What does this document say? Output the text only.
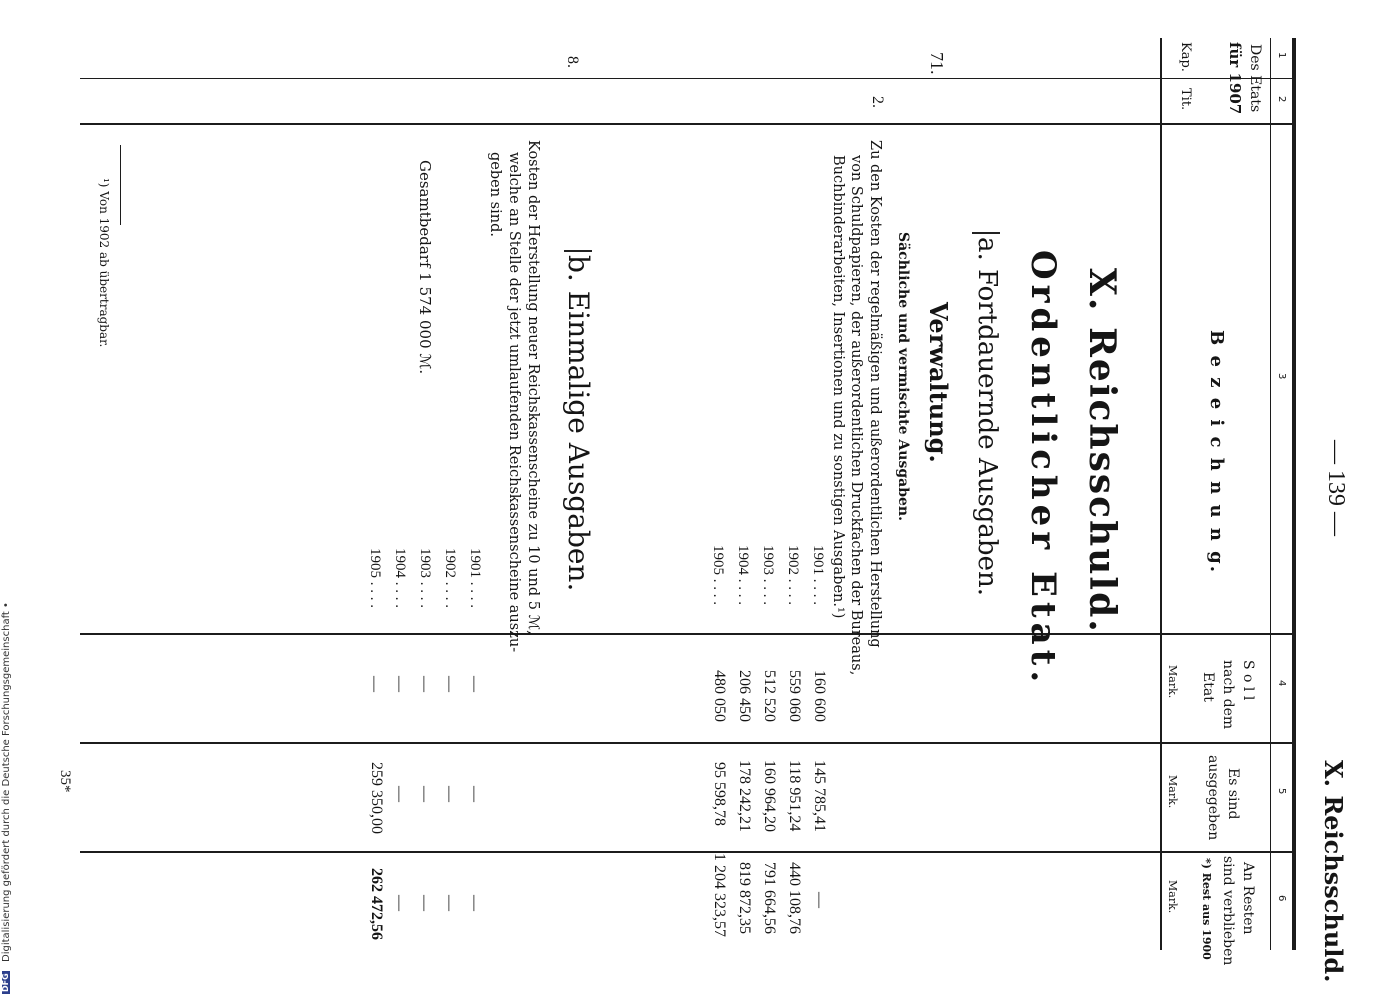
— 139 —
X. Reichsschuld.
1
2
3
4
5
6
Des Etats
für 1907
Kap.
Tit.
B e z e i c h n u n g.
S o l l
nach dem
Etat
Mark.
Es sind
ausgegeben
Mark.
An Resten
sind verblieben
*) Rest aus 1900
Mark.
71.
2.
8.
X. Reichsschuld.
Ordentlicher Etat.
a. Fortdauernde Ausgaben.
Verwaltung.
Sächliche und vermischte Ausgaben.
Zu den Kosten der regelmäßigen und außerordentlichen Herstellung
von Schuldpapieren, der außerordentlichen Druckfachen der Bureaus,
Buchbinderarbeiten, Insertionen und zu sonstigen Ausgaben.¹)
1901 . . . .
1902 . . . .
1903 . . . .
1904 . . . .
1905 . . . .
160 600
559 060
512 520
206 450
480 050
145 785,41
118 951,24
160 964,20
178 242,21
95 598,78
—
440 108,76
791 664,56
819 872,35
1 204 323,57
b. Einmalige Ausgaben.
Kosten der Herstellung neuer Reichskassenscheine zu 10 und 5 ℳ,
welche an Stelle der jetzt umlaufenden Reichskassenscheine auszu-
geben sind.
Gesamtbedarf 1 574 000 ℳ.
1901 . . . .
1902 . . . .
1903 . . . .
1904 . . . .
1905 . . . .
—
—
—
—
—
—
—
—
—
259 350,00
—
—
—
—
262 472,56
¹) Von 1902 ab übertragbar.
35*
Digitalisierung gefördert durch die Deutsche Forschungsgemeinschaft •
DFG
